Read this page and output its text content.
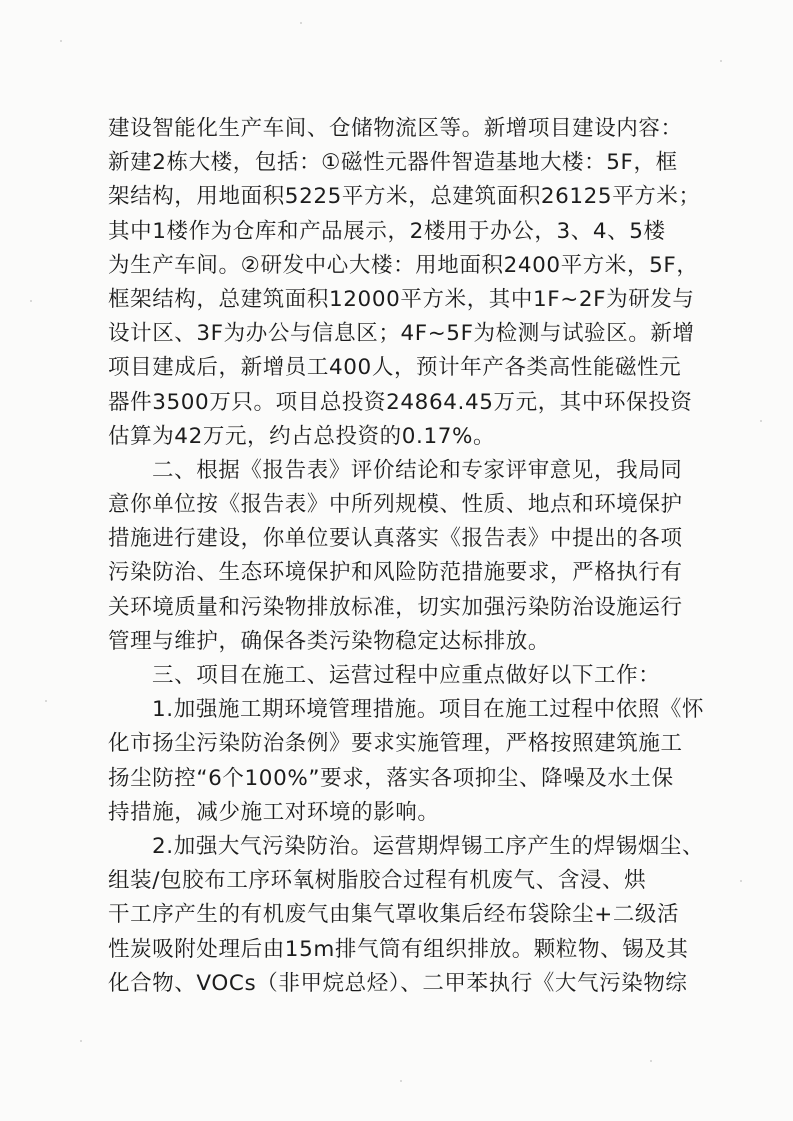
建设智能化生产车间、仓储物流区等。新增项目建设内容：
新建2栋大楼，包括：①磁性元器件智造基地大楼：5F，框
架结构，用地面积5225平方米，总建筑面积26125平方米；
其中1楼作为仓库和产品展示，2楼用于办公，3、4、5楼
为生产车间。②研发中心大楼：用地面积2400平方米，5F，
框架结构，总建筑面积12000平方米，其中1F~2F为研发与
设计区、3F为办公与信息区；4F~5F为检测与试验区。新增
项目建成后，新增员工400人，预计年产各类高性能磁性元
器件3500万只。项目总投资24864.45万元，其中环保投资
估算为42万元，约占总投资的0.17%。
二、根据《报告表》评价结论和专家评审意见，我局同
意你单位按《报告表》中所列规模、性质、地点和环境保护
措施进行建设，你单位要认真落实《报告表》中提出的各项
污染防治、生态环境保护和风险防范措施要求，严格执行有
关环境质量和污染物排放标准，切实加强污染防治设施运行
管理与维护，确保各类污染物稳定达标排放。
三、项目在施工、运营过程中应重点做好以下工作：
1.加强施工期环境管理措施。项目在施工过程中依照《怀
化市扬尘污染防治条例》要求实施管理，严格按照建筑施工
扬尘防控“6个100%”要求，落实各项抑尘、降噪及水土保
持措施，减少施工对环境的影响。
2.加强大气污染防治。运营期焊锡工序产生的焊锡烟尘、
组装/包胶布工序环氧树脂胶合过程有机废气、含浸、烘
干工序产生的有机废气由集气罩收集后经布袋除尘+二级活
性炭吸附处理后由15m排气筒有组织排放。颗粒物、锡及其
化合物、VOCs（非甲烷总烃）、二甲苯执行《大气污染物综
